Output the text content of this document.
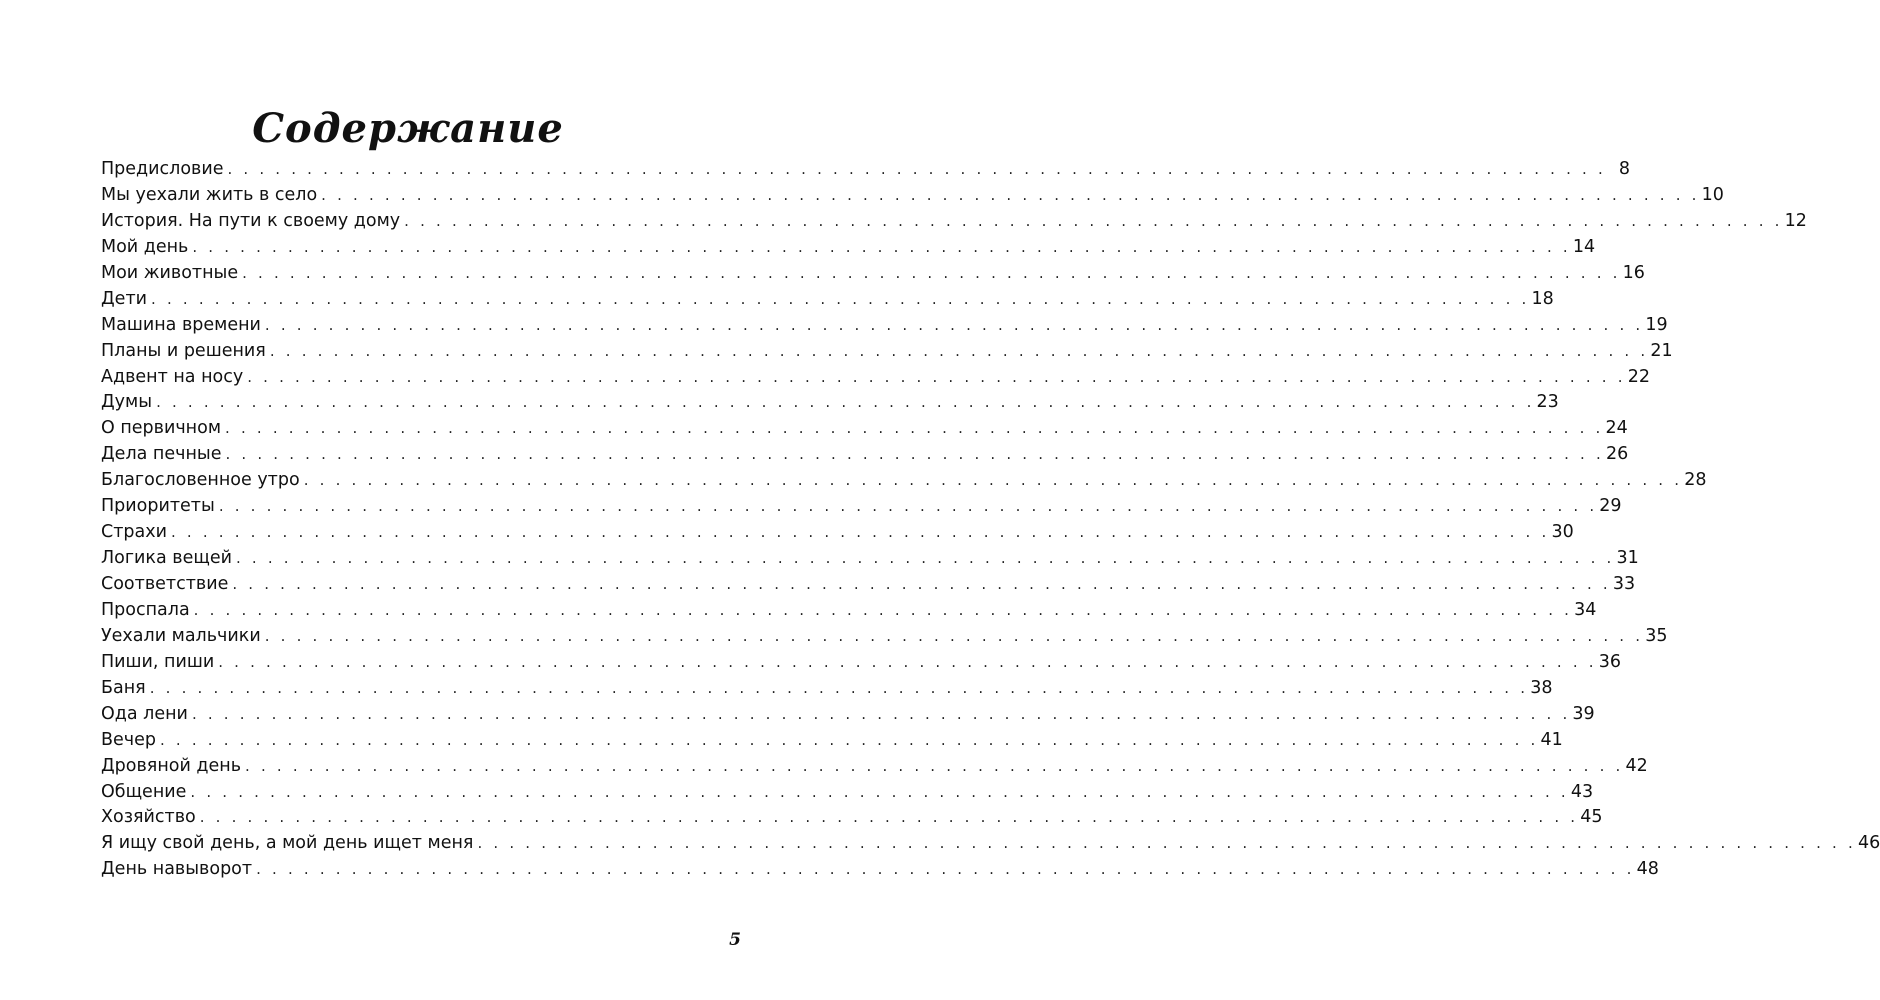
Содержание
Предисловие . . . . . . . . . . . . . . . . . . . . . . . . . . . . . . . . . . . . . . . . . . . . . . . . . . . . . . . . . . . . . . . . . . . . . . . . . . . . . . . . . . . . . . . 8
Мы уехали жить в село . . . . . . . . . . . . . . . . . . . . . . . . . . . . . . . . . . . . . . . . . . . . . . . . . . . . . . . . . . . . . . . . . . . . . . . . . . . . . . . . . . . . . . . 10
История. На пути к своему дому . . . . . . . . . . . . . . . . . . . . . . . . . . . . . . . . . . . . . . . . . . . . . . . . . . . . . . . . . . . . . . . . . . . . . . . . . . . . . . . . . . . . . . . 12
Мой день . . . . . . . . . . . . . . . . . . . . . . . . . . . . . . . . . . . . . . . . . . . . . . . . . . . . . . . . . . . . . . . . . . . . . . . . . . . . . . . . . . . . . . . 14
Мои животные . . . . . . . . . . . . . . . . . . . . . . . . . . . . . . . . . . . . . . . . . . . . . . . . . . . . . . . . . . . . . . . . . . . . . . . . . . . . . . . . . . . . . . . 16
Дети . . . . . . . . . . . . . . . . . . . . . . . . . . . . . . . . . . . . . . . . . . . . . . . . . . . . . . . . . . . . . . . . . . . . . . . . . . . . . . . . . . . . . . . 18
Машина времени . . . . . . . . . . . . . . . . . . . . . . . . . . . . . . . . . . . . . . . . . . . . . . . . . . . . . . . . . . . . . . . . . . . . . . . . . . . . . . . . . . . . . . . 19
Планы и решения . . . . . . . . . . . . . . . . . . . . . . . . . . . . . . . . . . . . . . . . . . . . . . . . . . . . . . . . . . . . . . . . . . . . . . . . . . . . . . . . . . . . . . . 21
Адвент на носу . . . . . . . . . . . . . . . . . . . . . . . . . . . . . . . . . . . . . . . . . . . . . . . . . . . . . . . . . . . . . . . . . . . . . . . . . . . . . . . . . . . . . . . 22
Думы . . . . . . . . . . . . . . . . . . . . . . . . . . . . . . . . . . . . . . . . . . . . . . . . . . . . . . . . . . . . . . . . . . . . . . . . . . . . . . . . . . . . . . . 23
О первичном . . . . . . . . . . . . . . . . . . . . . . . . . . . . . . . . . . . . . . . . . . . . . . . . . . . . . . . . . . . . . . . . . . . . . . . . . . . . . . . . . . . . . . . 24
Дела печные . . . . . . . . . . . . . . . . . . . . . . . . . . . . . . . . . . . . . . . . . . . . . . . . . . . . . . . . . . . . . . . . . . . . . . . . . . . . . . . . . . . . . . . 26
Благословенное утро . . . . . . . . . . . . . . . . . . . . . . . . . . . . . . . . . . . . . . . . . . . . . . . . . . . . . . . . . . . . . . . . . . . . . . . . . . . . . . . . . . . . . . . 28
Приоритеты . . . . . . . . . . . . . . . . . . . . . . . . . . . . . . . . . . . . . . . . . . . . . . . . . . . . . . . . . . . . . . . . . . . . . . . . . . . . . . . . . . . . . . . 29
Страхи . . . . . . . . . . . . . . . . . . . . . . . . . . . . . . . . . . . . . . . . . . . . . . . . . . . . . . . . . . . . . . . . . . . . . . . . . . . . . . . . . . . . . . . 30
Логика вещей . . . . . . . . . . . . . . . . . . . . . . . . . . . . . . . . . . . . . . . . . . . . . . . . . . . . . . . . . . . . . . . . . . . . . . . . . . . . . . . . . . . . . . . 31
Соответствие . . . . . . . . . . . . . . . . . . . . . . . . . . . . . . . . . . . . . . . . . . . . . . . . . . . . . . . . . . . . . . . . . . . . . . . . . . . . . . . . . . . . . . . 33
Проспала . . . . . . . . . . . . . . . . . . . . . . . . . . . . . . . . . . . . . . . . . . . . . . . . . . . . . . . . . . . . . . . . . . . . . . . . . . . . . . . . . . . . . . . 34
Уехали мальчики . . . . . . . . . . . . . . . . . . . . . . . . . . . . . . . . . . . . . . . . . . . . . . . . . . . . . . . . . . . . . . . . . . . . . . . . . . . . . . . . . . . . . . . 35
Пиши, пиши . . . . . . . . . . . . . . . . . . . . . . . . . . . . . . . . . . . . . . . . . . . . . . . . . . . . . . . . . . . . . . . . . . . . . . . . . . . . . . . . . . . . . . . 36
Баня . . . . . . . . . . . . . . . . . . . . . . . . . . . . . . . . . . . . . . . . . . . . . . . . . . . . . . . . . . . . . . . . . . . . . . . . . . . . . . . . . . . . . . . 38
Ода лени . . . . . . . . . . . . . . . . . . . . . . . . . . . . . . . . . . . . . . . . . . . . . . . . . . . . . . . . . . . . . . . . . . . . . . . . . . . . . . . . . . . . . . . 39
Вечер . . . . . . . . . . . . . . . . . . . . . . . . . . . . . . . . . . . . . . . . . . . . . . . . . . . . . . . . . . . . . . . . . . . . . . . . . . . . . . . . . . . . . . . 41
Дровяной день . . . . . . . . . . . . . . . . . . . . . . . . . . . . . . . . . . . . . . . . . . . . . . . . . . . . . . . . . . . . . . . . . . . . . . . . . . . . . . . . . . . . . . . 42
Общение . . . . . . . . . . . . . . . . . . . . . . . . . . . . . . . . . . . . . . . . . . . . . . . . . . . . . . . . . . . . . . . . . . . . . . . . . . . . . . . . . . . . . . . 43
Хозяйство . . . . . . . . . . . . . . . . . . . . . . . . . . . . . . . . . . . . . . . . . . . . . . . . . . . . . . . . . . . . . . . . . . . . . . . . . . . . . . . . . . . . . . . 45
Я ищу свой день, а мой день ищет меня . . . . . . . . . . . . . . . . . . . . . . . . . . . . . . . . . . . . . . . . . . . . . . . . . . . . . . . . . . . . . . . . . . . . . . . . . . . . . . . . . . . . . . . 46
День навыворот . . . . . . . . . . . . . . . . . . . . . . . . . . . . . . . . . . . . . . . . . . . . . . . . . . . . . . . . . . . . . . . . . . . . . . . . . . . . . . . . . . . . . . . 48
5
